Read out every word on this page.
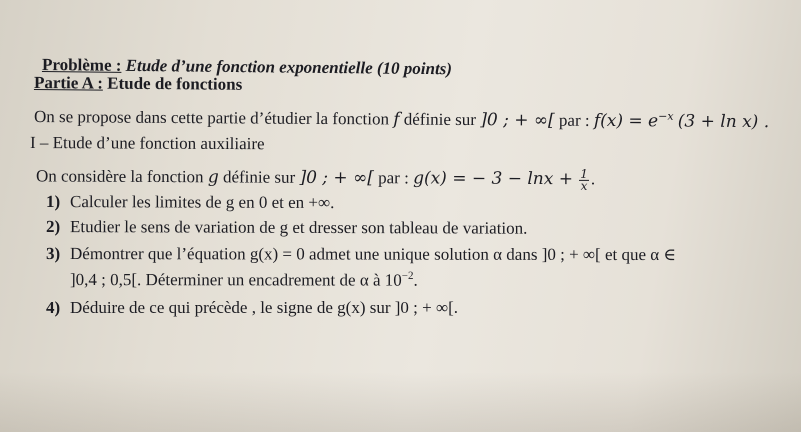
Problème : Etude d’une fonction exponentielle (10 points)
Partie A : Etude de fonctions
On se propose dans cette partie d’étudier la fonction f définie sur ]0 ; + ∞[ par : $f(x) = e^{-x}$ (3 + ln x) .
I – Etude d’une fonction auxiliaire
On considère la fonction g définie sur ]0 ; + ∞[ par : g(x) = − $3 - \ln x + \frac{1}{x}$ .
1) Calculer les limites de g en 0 et en +∞.
2) Etudier le sens de variation de g et dresser son tableau de variation.
3) Démontrer que l’équation g(x) = 0 admet une unique solution α dans ]0 ; + ∞[ et que α ∈
]0,4 ; 0,5[. Déterminer un encadrement de α à $10^{-2}$.
4) Déduire de ce qui précède , le signe de g(x) sur ]0 ; + ∞[.
